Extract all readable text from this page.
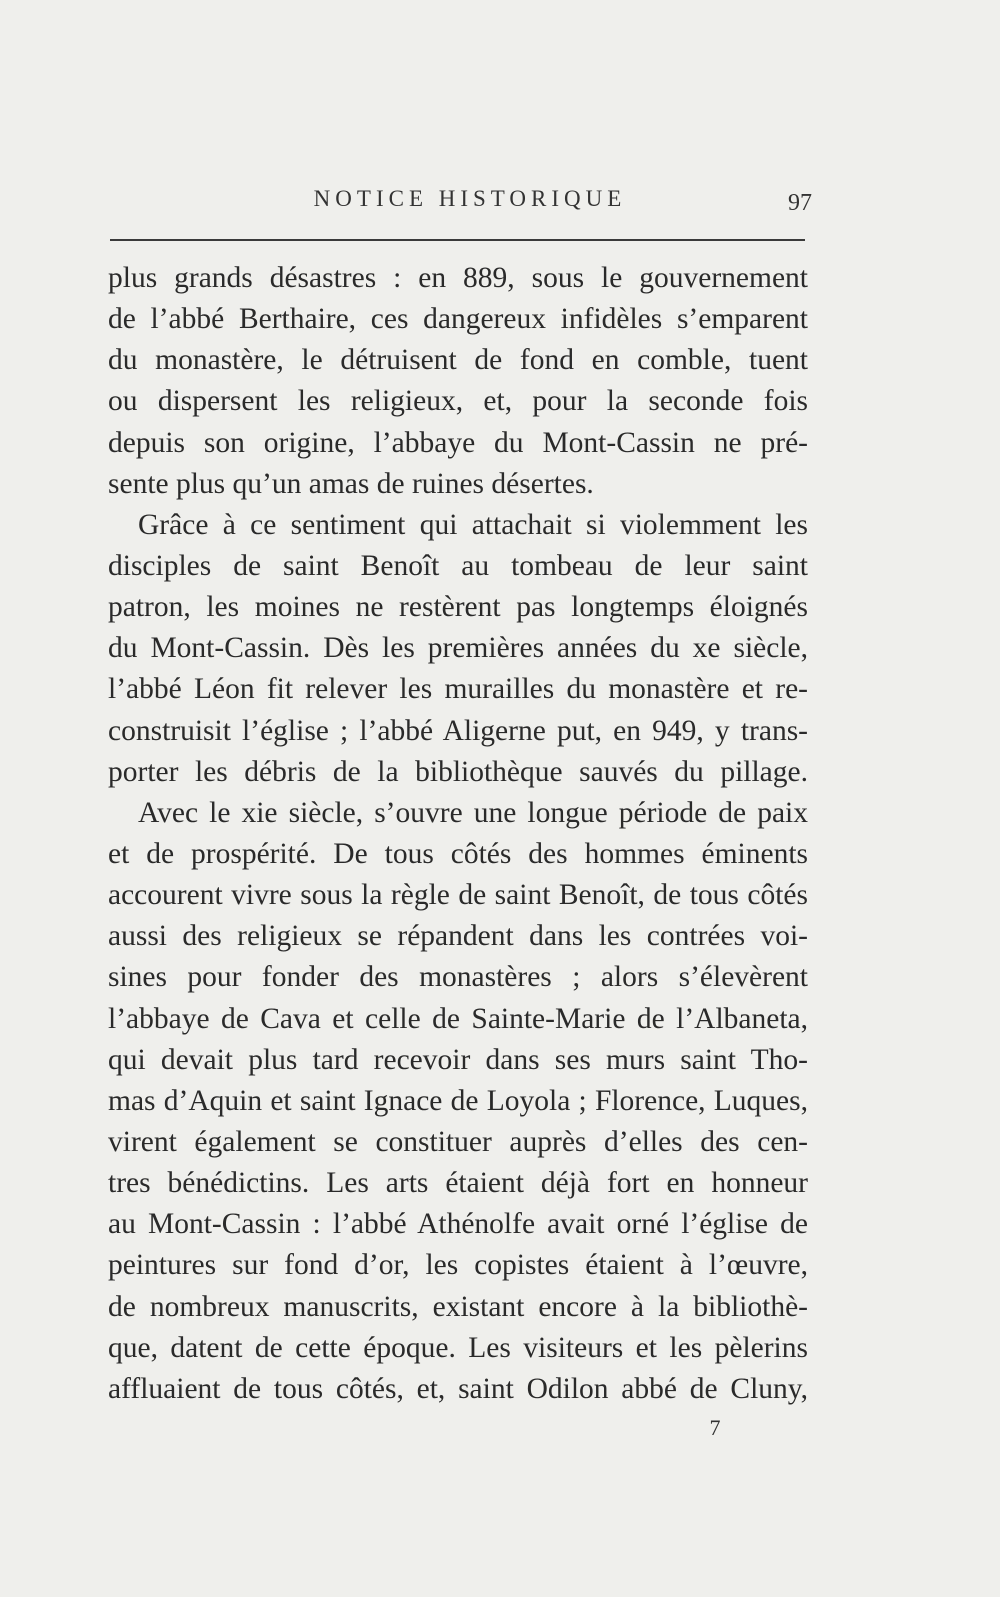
NOTICE HISTORIQUE	97
plus grands désastres : en 889, sous le gouvernement
de l’abbé Berthaire, ces dangereux infidèles s’emparent
du monastère, le détruisent de fond en comble, tuent
ou dispersent les religieux, et, pour la seconde fois
depuis son origine, l’abbaye du Mont-Cassin ne pré-
sente plus qu’un amas de ruines désertes.
Grâce à ce sentiment qui attachait si violemment les
disciples de saint Benoît au tombeau de leur saint
patron, les moines ne restèrent pas longtemps éloignés
du Mont-Cassin. Dès les premières années du xe siècle,
l’abbé Léon fit relever les murailles du monastère et re-
construisit l’église ; l’abbé Aligerne put, en 949, y trans-
porter les débris de la bibliothèque sauvés du pillage.
Avec le xie siècle, s’ouvre une longue période de paix
et de prospérité. De tous côtés des hommes éminents
accourent vivre sous la règle de saint Benoît, de tous côtés
aussi des religieux se répandent dans les contrées voi-
sines pour fonder des monastères ; alors s’élevèrent
l’abbaye de Cava et celle de Sainte-Marie de l’Albaneta,
qui devait plus tard recevoir dans ses murs saint Tho-
mas d’Aquin et saint Ignace de Loyola ; Florence, Luques,
virent également se constituer auprès d’elles des cen-
tres bénédictins. Les arts étaient déjà fort en honneur
au Mont-Cassin : l’abbé Athénolfe avait orné l’église de
peintures sur fond d’or, les copistes étaient à l’œuvre,
de nombreux manuscrits, existant encore à la bibliothè-
que, datent de cette époque. Les visiteurs et les pèlerins
affluaient de tous côtés, et, saint Odilon abbé de Cluny,
7
